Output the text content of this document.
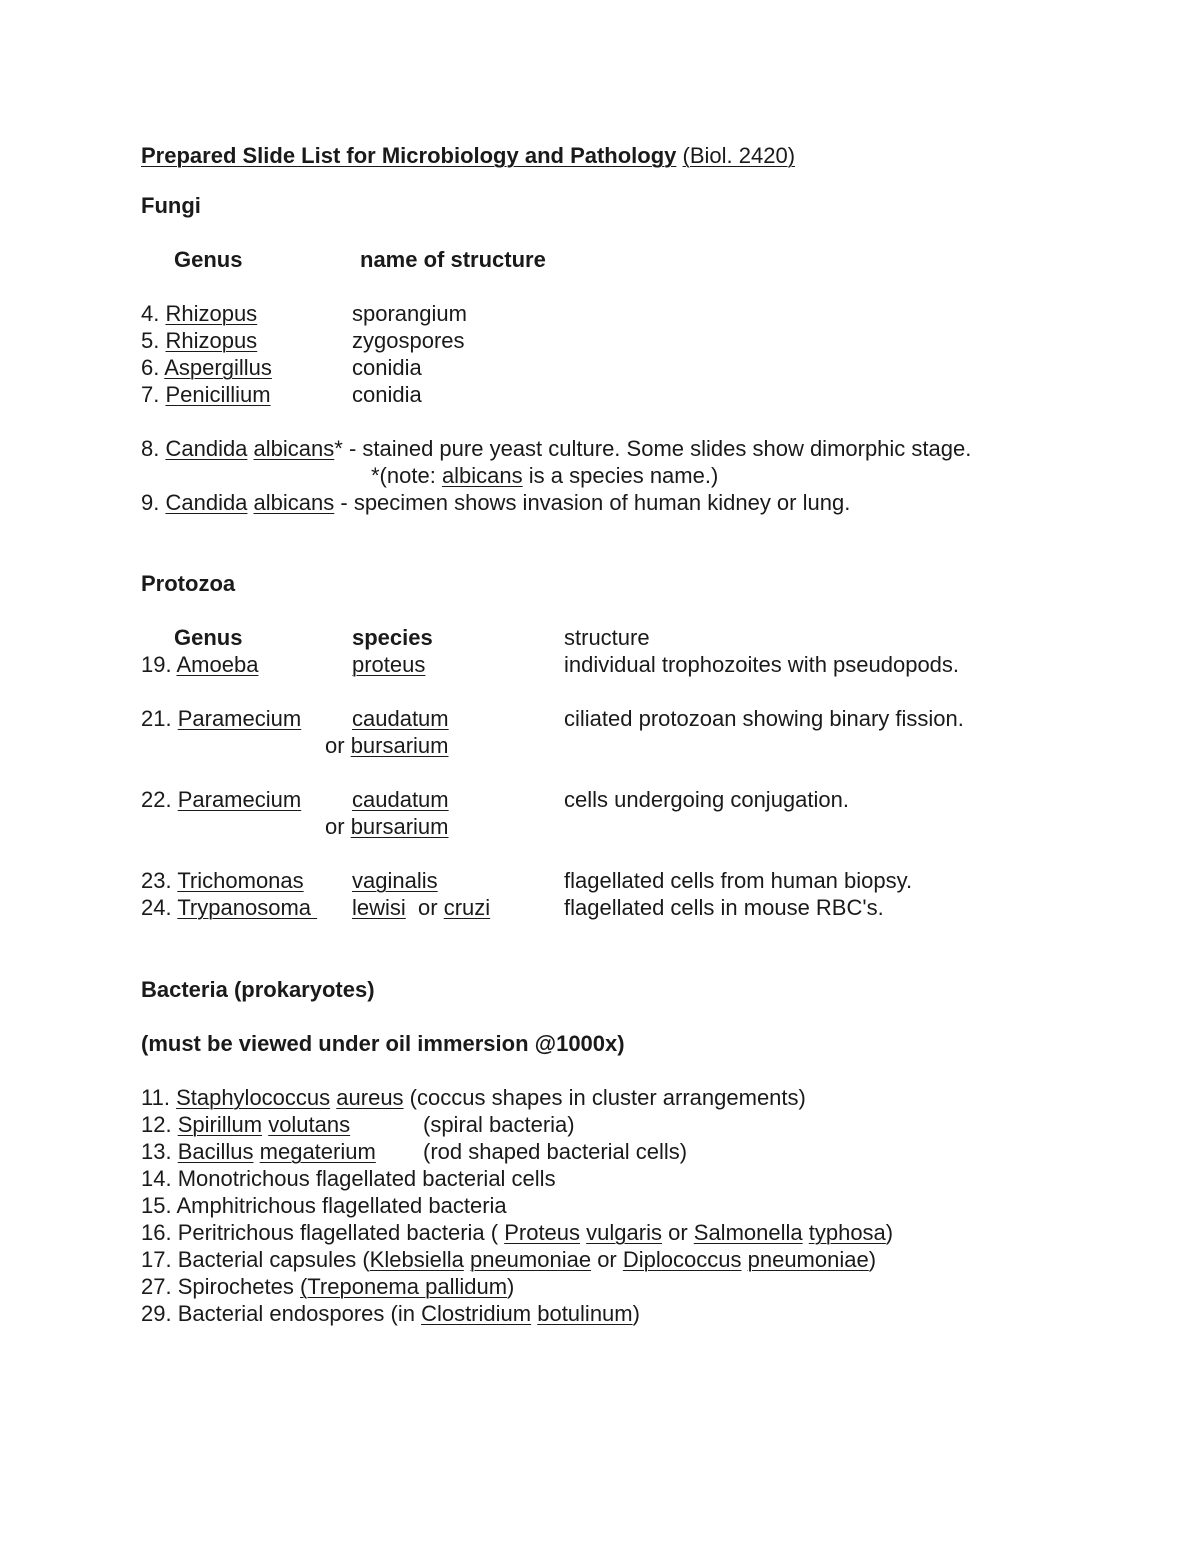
Prepared Slide List for Microbiology and Pathology (Biol. 2420)
Fungi
Genus	name of structure
4. Rhizopus	sporangium
5. Rhizopus	zygospores
6. Aspergillus	conidia
7. Penicillium	conidia
8. Candida albicans* - stained pure yeast culture. Some slides show dimorphic stage.
*(note: albicans is a species name.)
9. Candida albicans - specimen shows invasion of human kidney or lung.
Protozoa
Genus	species	structure
19. Amoeba	proteus	individual trophozoites with pseudopods.
21. Paramecium caudatum	ciliated protozoan showing binary fission.
or bursarium
22. Paramecium caudatum	cells undergoing conjugation.
or bursarium
23. Trichomonas vaginalis	flagellated cells from human biopsy.
24. Trypanosoma lewisi  or cruzi	flagellated cells in mouse RBC's.
Bacteria (prokaryotes)
(must be viewed under oil immersion @1000x)
11. Staphylococcus aureus (coccus shapes in cluster arrangements)
12. Spirillum volutans	(spiral bacteria)
13. Bacillus megaterium (rod shaped bacterial cells)
14. Monotrichous flagellated bacterial cells
15. Amphitrichous flagellated bacteria
16. Peritrichous flagellated bacteria ( Proteus vulgaris or Salmonella typhosa)
17. Bacterial capsules (Klebsiella pneumoniae or Diplococcus pneumoniae)
27. Spirochetes (Treponema pallidum)
29. Bacterial endospores (in Clostridium botulinum)
